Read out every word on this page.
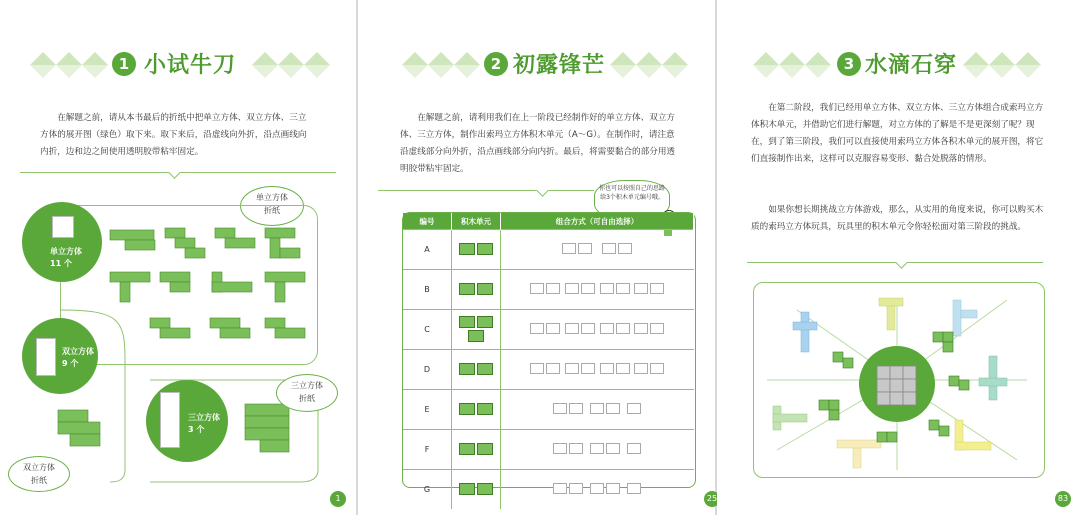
1 小试牛刀
在解题之前，请从本书最后的折纸中把单立方体、双立方体、三立方体的展开图（绿色）取下来。取下来后，沿虚线向外折，沿点画线向内折，边和边之间使用透明胶带粘牢固定。
单立方体
折纸
单立方体
11 个
双立方体
9 个
三立方体
3 个
三立方体
折纸
双立方体
折纸
1
2 初露锋芒
在解题之前，请利用我们在上一阶段已经制作好的单立方体、双立方体、三立方体，制作出索玛立方体积木单元（A～G）。在制作时，请注意沿虚线部分向外折，沿点画线部分向内折。最后，将需要黏合的部分用透明胶带粘牢固定。
你也可以按照自己的思路给3个积木单元编号哦。
编号	积木单元	组合方式（可自由选择）
A		
B		
C		
D		
E		
F		
G		
25
3 水滴石穿
在第二阶段，我们已经用单立方体、双立方体、三立方体组合成索玛立方体积木单元，并借助它们进行解题，对立方体的了解是不是更深刻了呢？现在，到了第三阶段，我们可以直接使用索玛立方体各积木单元的展开图，将它们直接制作出来，这样可以克服容易变形、黏合处脱落的情形。
如果你想长期挑战立方体游戏，那么，从实用的角度来说，你可以购买木质的索玛立方体玩具，玩具里的积木单元令你轻松面对第三阶段的挑战。
83
